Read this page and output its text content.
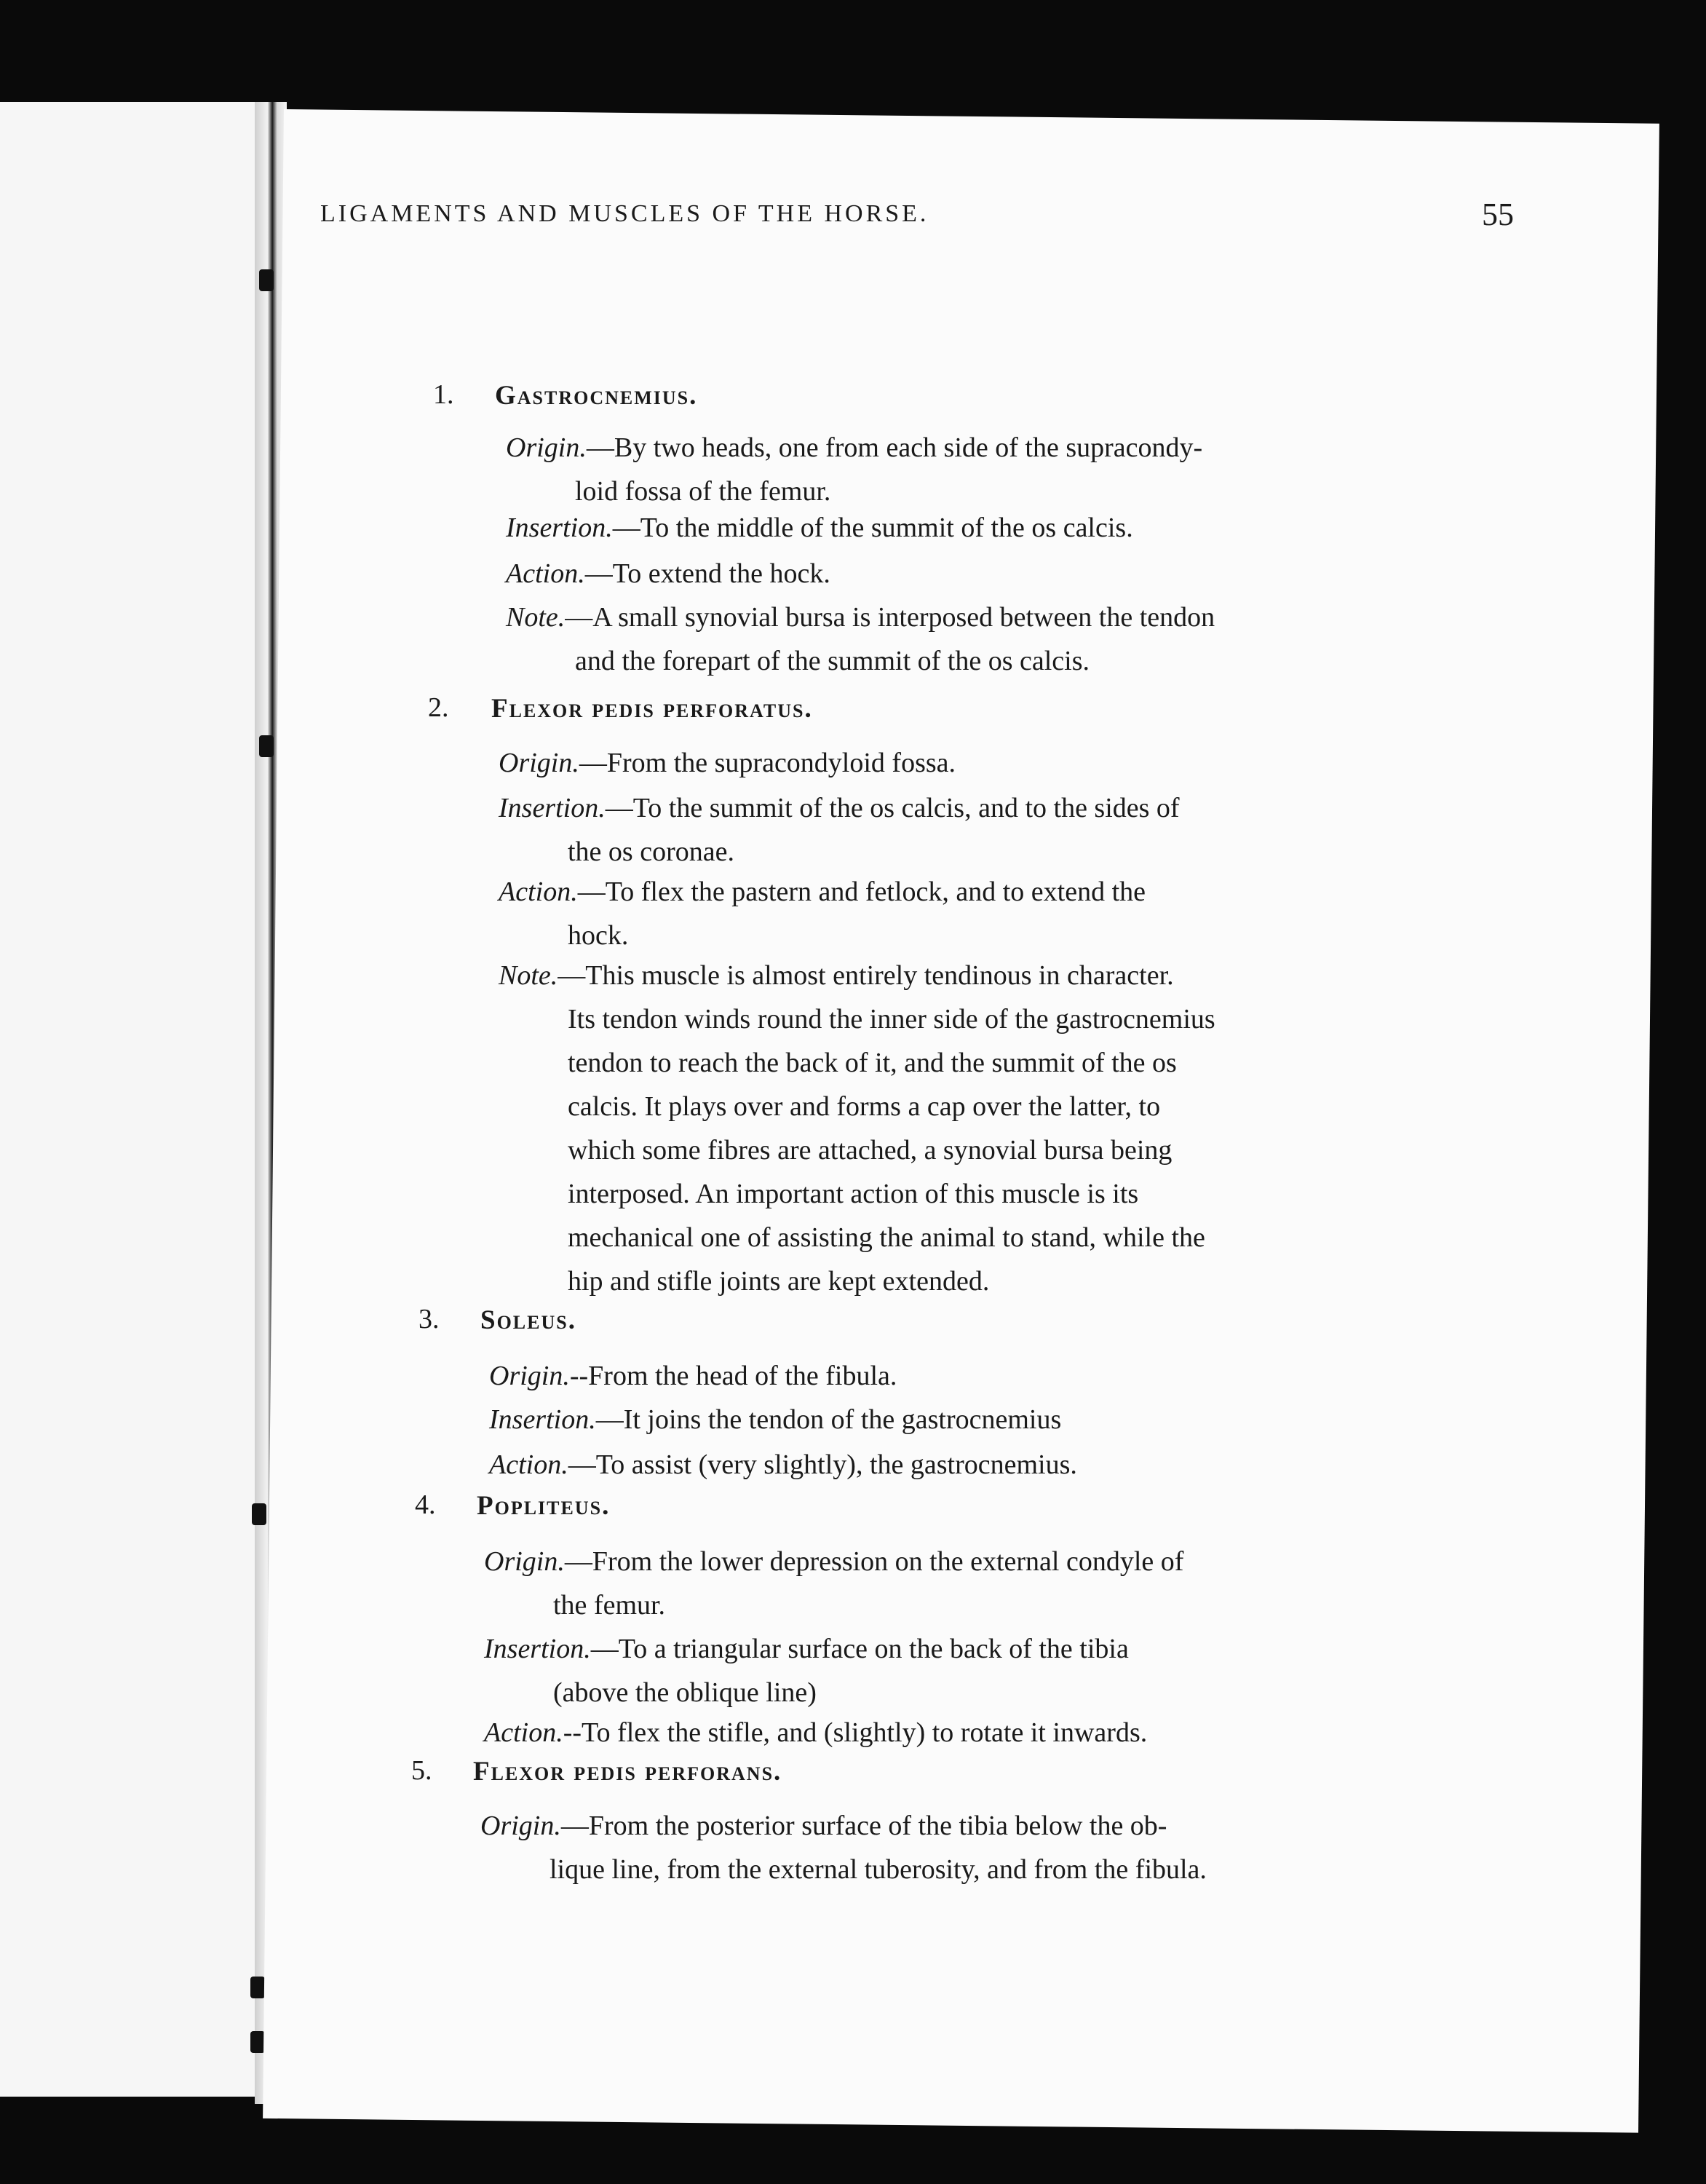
LIGAMENTS AND MUSCLES OF THE HORSE.	55
1. Gastrocnemius.
Origin.—By two heads, one from each side of the supracondy-
loid fossa of the femur.
Insertion.—To the middle of the summit of the os calcis.
Action.—To extend the hock.
Note.—A small synovial bursa is interposed between the tendon
and the forepart of the summit of the os calcis.
2. Flexor pedis perforatus.
Origin.—From the supracondyloid fossa.
Insertion.—To the summit of the os calcis, and to the sides of
the os coronae.
Action.—To flex the pastern and fetlock, and to extend the
hock.
Note.—This muscle is almost entirely tendinous in character.
Its tendon winds round the inner side of the gastrocnemius
tendon to reach the back of it, and the summit of the os
calcis. It plays over and forms a cap over the latter, to
which some fibres are attached, a synovial bursa being
interposed. An important action of this muscle is its
mechanical one of assisting the animal to stand, while the
hip and stifle joints are kept extended.
3. Soleus.
Origin.--From the head of the fibula.
Insertion.—It joins the tendon of the gastrocnemius
Action.—To assist (very slightly), the gastrocnemius.
4. Popliteus.
Origin.—From the lower depression on the external condyle of
the femur.
Insertion.—To a triangular surface on the back of the tibia
(above the oblique line)
Action.--To flex the stifle, and (slightly) to rotate it inwards.
5. Flexor pedis perforans.
Origin.—From the posterior surface of the tibia below the ob-
lique line, from the external tuberosity, and from the fibula.
